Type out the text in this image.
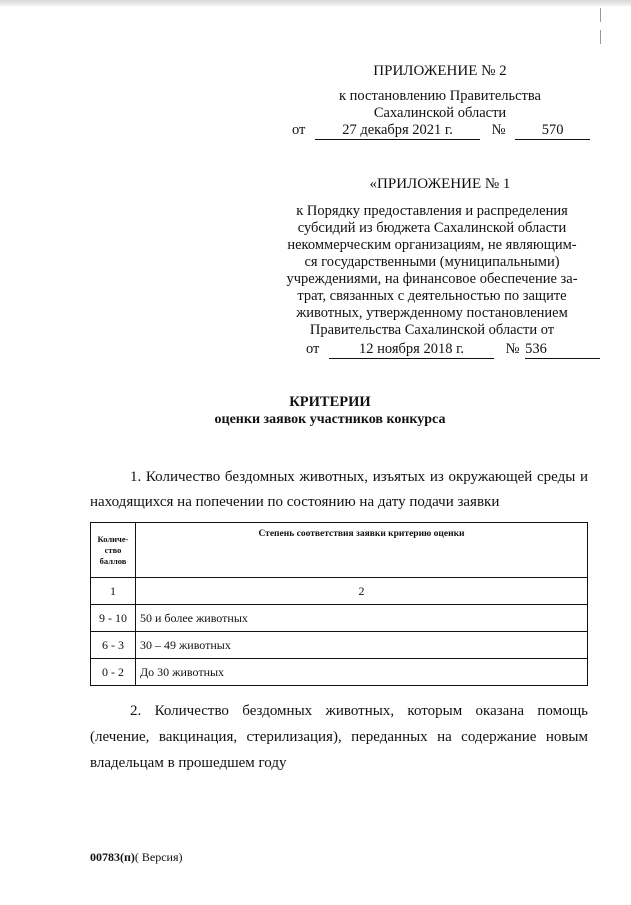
ПРИЛОЖЕНИЕ № 2
к постановлению Правительства
Сахалинской области
от	27 декабря 2021 г.	№	570
«ПРИЛОЖЕНИЕ № 1
к Порядку предоставления и распределения
субсидий из бюджета Сахалинской области
некоммерческим организациям, не являющим-
ся государственными (муниципальными)
учреждениями, на финансовое обеспечение за-
трат, связанных с деятельностью по защите
животных, утвержденному постановлением
Правительства Сахалинской области от
от	12 ноября 2018 г.	№ 536
КРИТЕРИИ
оценки заявок участников конкурса
1. Количество бездомных животных, изъятых из окружающей среды и находящихся на попечении по состоянию на дату подачи заявки
Количе-ство баллов	Степень соответствия заявки критерию оценки
1	2
9 - 10	50 и более животных
6 - 3	30 – 49 животных
0 - 2	До 30 животных
2. Количество бездомных животных, которым оказана помощь (лечение, вакцинация, стерилизация), переданных на содержание новым владельцам в прошедшем году
00783(п)( Версия)
